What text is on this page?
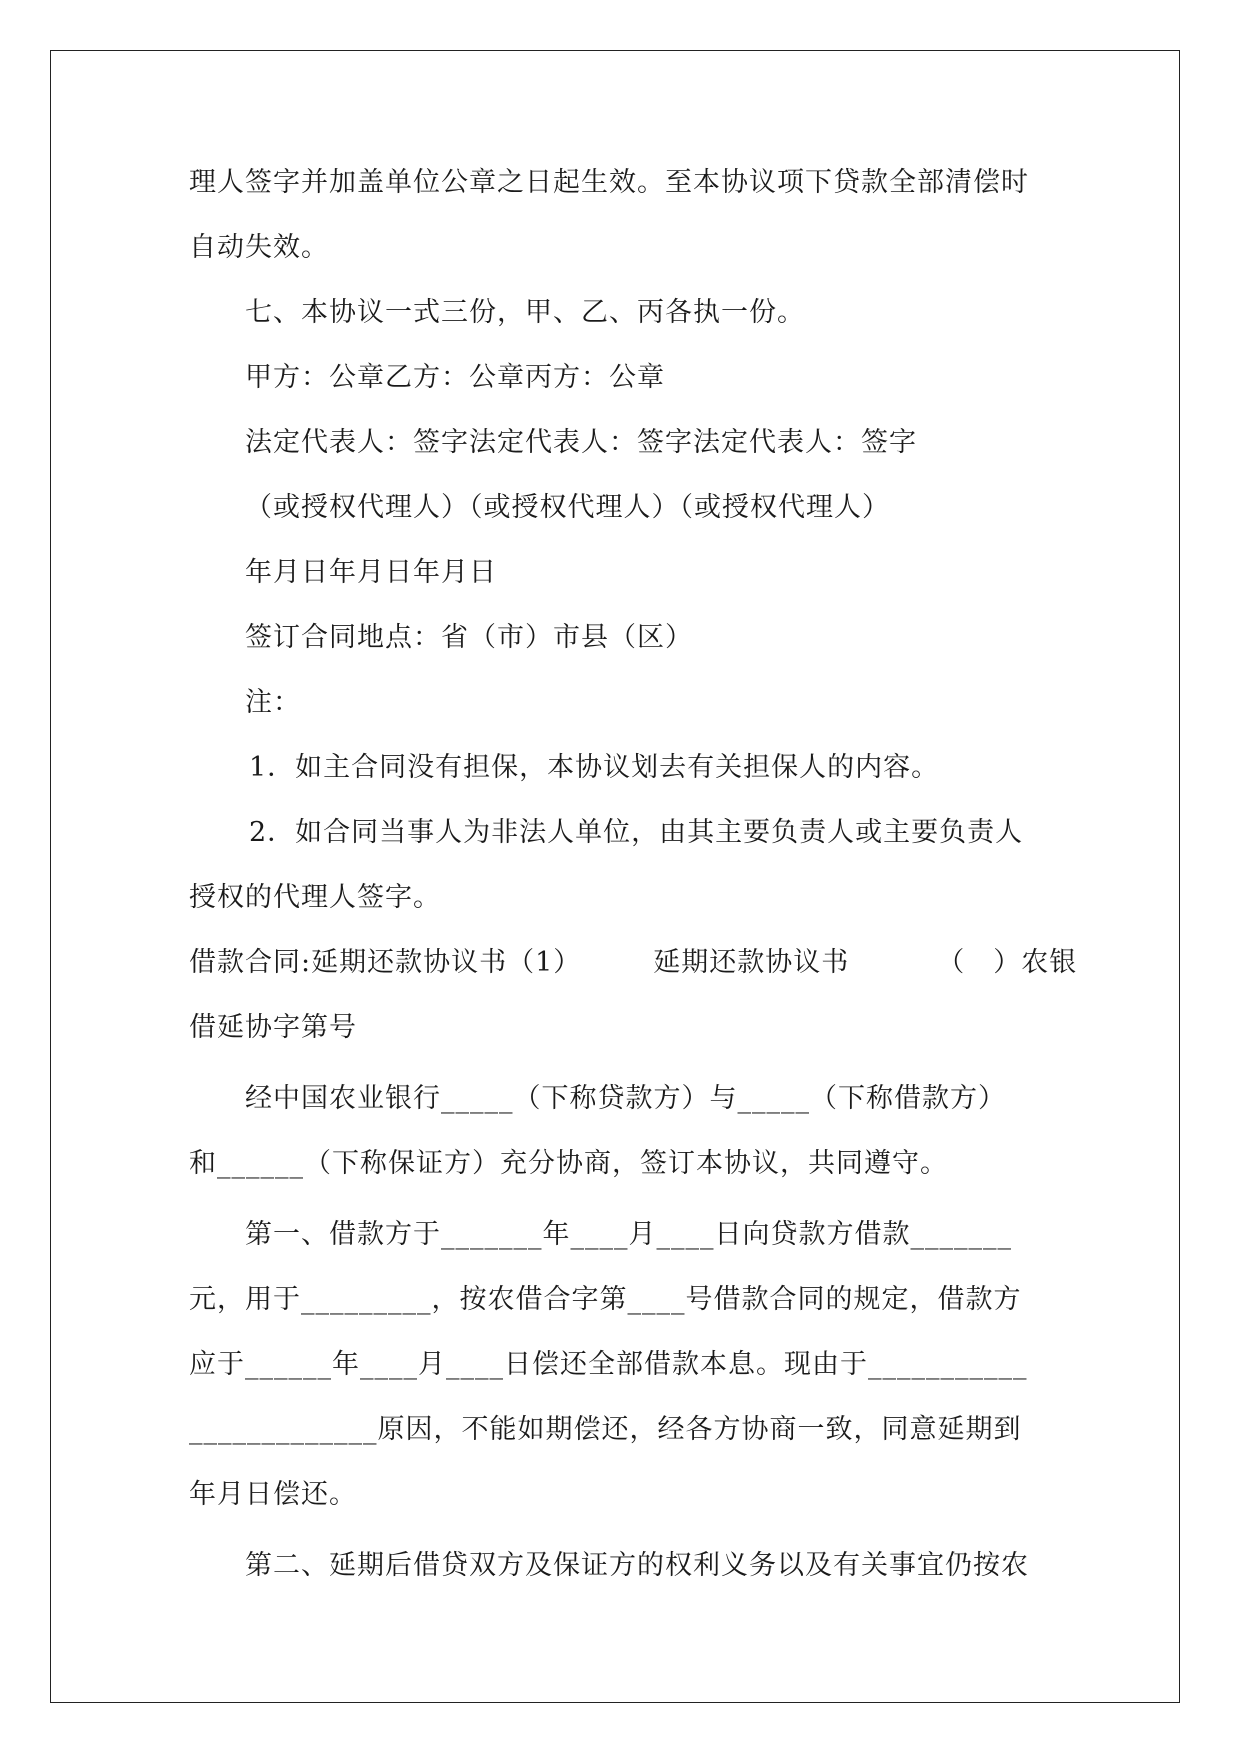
理人签字并加盖单位公章之日起生效。至本协议项下贷款全部清偿时
自动失效。
七、本协议一式三份，甲、乙、丙各执一份。
甲方：公章乙方：公章丙方：公章
法定代表人：签字法定代表人：签字法定代表人：签字
（或授权代理人）（或授权代理人）（或授权代理人）
年月日年月日年月日
签订合同地点：省（市）市县（区）
注：
1．如主合同没有担保，本协议划去有关担保人的内容。
2．如合同当事人为非法人单位，由其主要负责人或主要负责人
授权的代理人签字。
借款合同:延期还款协议书（1）	延期还款协议书	（　）农银
借延协字第号
经中国农业银行_____（下称贷款方）与_____（下称借款方）
和______（下称保证方）充分协商，签订本协议，共同遵守。
第一、借款方于_______年____月____日向贷款方借款_______
元，用于_________，按农借合字第____号借款合同的规定，借款方
应于______年____月____日偿还全部借款本息。现由于___________
_____________原因，不能如期偿还，经各方协商一致，同意延期到
年月日偿还。
第二、延期后借贷双方及保证方的权利义务以及有关事宜仍按农
